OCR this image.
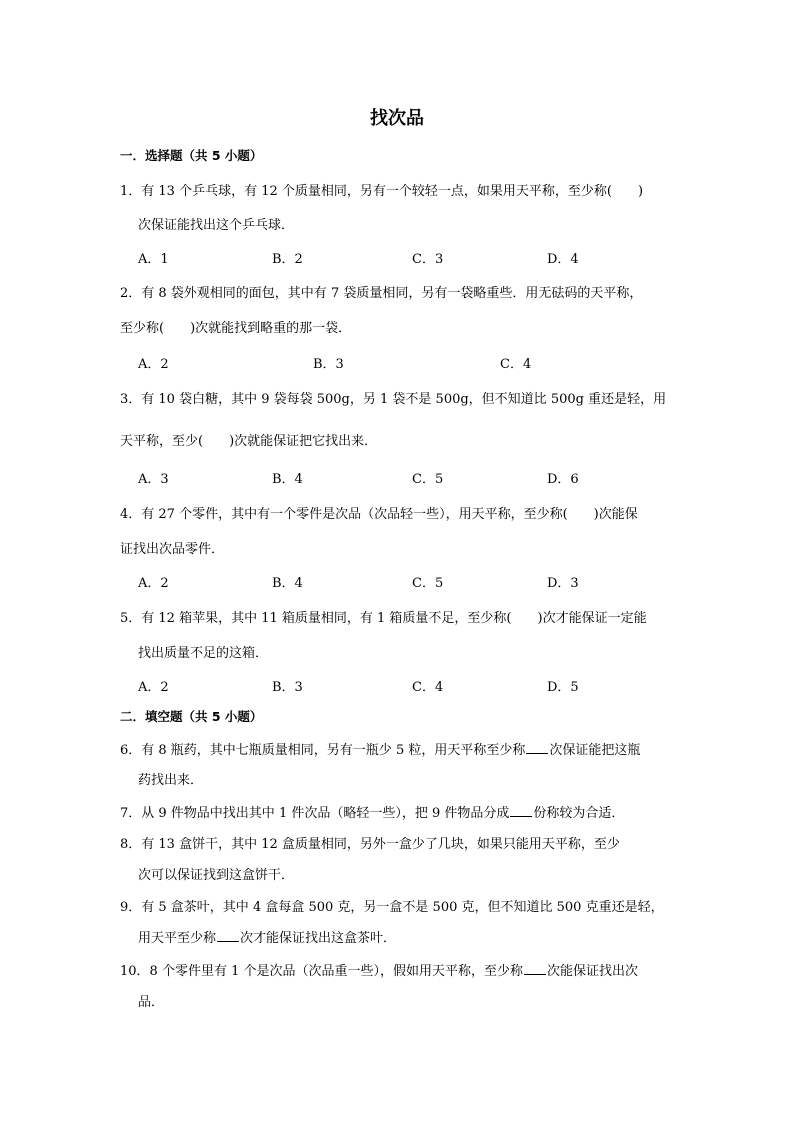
找次品
一．选择题（共 5 小题）
1．有 13 个乒乓球，有 12 个质量相同，另有一个较轻一点，如果用天平称，至少称(　　)
次保证能找出这个乒乓球．
A．1	B．2	C．3	D．4
2．有 8 袋外观相同的面包，其中有 7 袋质量相同，另有一袋略重些．用无砝码的天平称，
至少称(　　)次就能找到略重的那一袋．
A．2	B．3	C．4
3．有 10 袋白糖，其中 9 袋每袋 500g，另 1 袋不是 500g，但不知道比 500g 重还是轻，用
天平称，至少(　　)次就能保证把它找出来．
A．3	B．4	C．5	D．6
4．有 27 个零件，其中有一个零件是次品（次品轻一些），用天平称，至少称(　　)次能保
证找出次品零件．
A．2	B．4	C．5	D．3
5．有 12 箱苹果，其中 11 箱质量相同，有 1 箱质量不足，至少称(　　)次才能保证一定能
找出质量不足的这箱．
A．2	B．3	C．4	D．5
二．填空题（共 5 小题）
6．有 8 瓶药，其中七瓶质量相同，另有一瓶少 5 粒，用天平称至少称 次保证能把这瓶
药找出来．
7．从 9 件物品中找出其中 1 件次品（略轻一些），把 9 件物品分成 份称较为合适．
8．有 13 盒饼干，其中 12 盒质量相同，另外一盒少了几块，如果只能用天平称，至少
次可以保证找到这盒饼干．
9．有 5 盒茶叶，其中 4 盒每盒 500 克，另一盒不是 500 克，但不知道比 500 克重还是轻，
用天平至少称 次才能保证找出这盒茶叶．
10．8 个零件里有 1 个是次品（次品重一些），假如用天平称，至少称 次能保证找出次
品．
